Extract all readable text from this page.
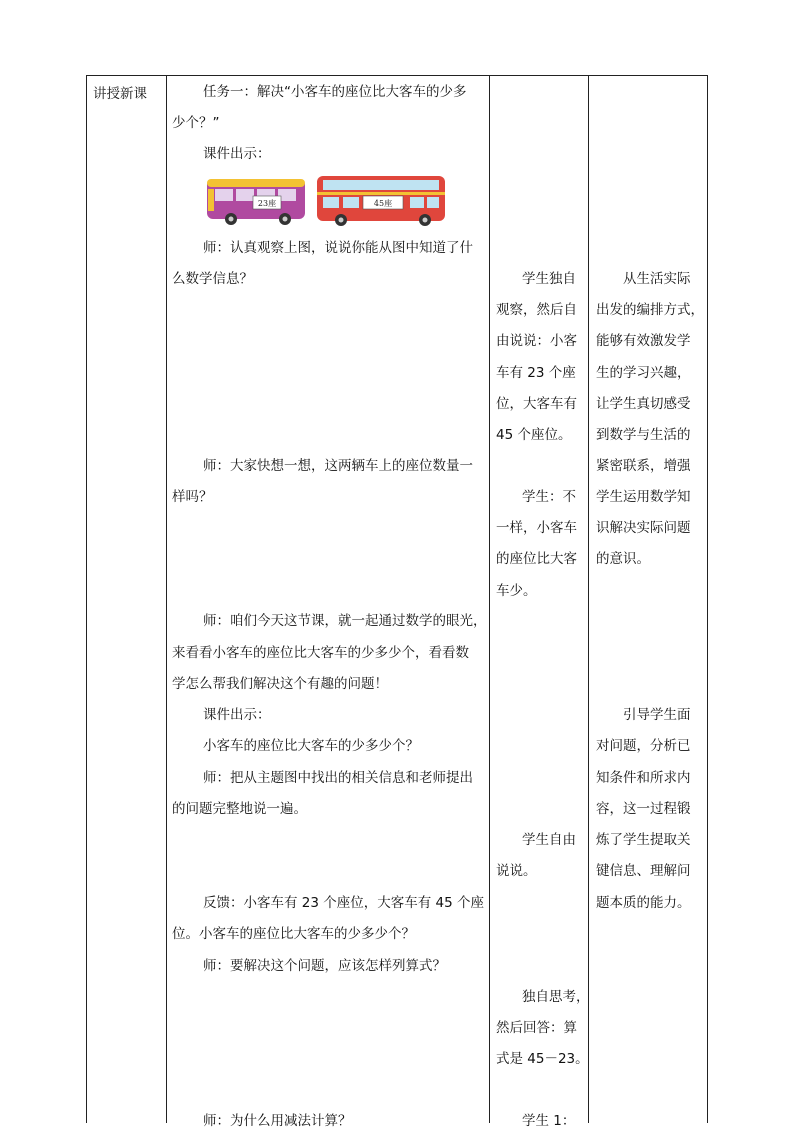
讲授新课	任务一：解决“小客车的座位比大客车的少多
少个？”
课件出示：
23座	45座
师：认真观察上图，说说你能从图中知道了什
么数学信息？
师：大家快想一想，这两辆车上的座位数量一
样吗？
师：咱们今天这节课，就一起通过数学的眼光，
来看看小客车的座位比大客车的少多少个，看看数
学怎么帮我们解决这个有趣的问题！
课件出示：
小客车的座位比大客车的少多少个？
师：把从主题图中找出的相关信息和老师提出
的问题完整地说一遍。
反馈：小客车有 23 个座位，大客车有 45 个座
位。小客车的座位比大客车的少多少个？
师：要解决这个问题，应该怎样列算式？
师：为什么用减法计算？
学生独自
观察，然后自
由说说：小客
车有 23 个座
位，大客车有
45 个座位。
学生：不
一样，小客车
的座位比大客
车少。
学生自由
说说。
独自思考，
然后回答：算
式是 45－23。
学生 1：
从生活实际
出发的编排方式，
能够有效激发学
生的学习兴趣，
让学生真切感受
到数学与生活的
紧密联系，增强
学生运用数学知
识解决实际问题
的意识。
引导学生面
对问题，分析已
知条件和所求内
容，这一过程锻
炼了学生提取关
键信息、理解问
题本质的能力。
